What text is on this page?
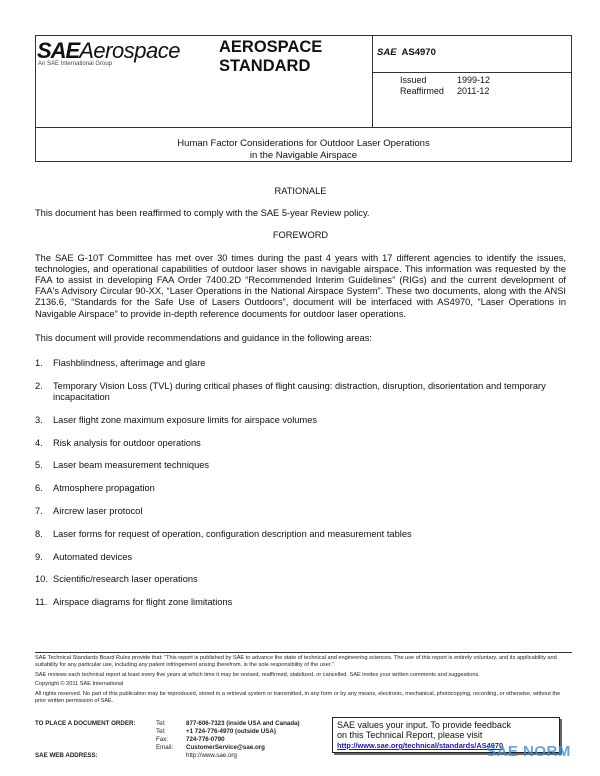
SAEAerospace
An SAE International Group
AEROSPACE
STANDARD
SAE AS4970
Issued	1999-12
Reaffirmed 2011-12
Human Factor Considerations for Outdoor Laser Operations
in the Navigable Airspace

RATIONALE

This document has been reaffirmed to comply with the SAE 5-year Review policy.

FOREWORD

The SAE G-10T Committee has met over 30 times during the past 4 years with 17 different agencies to identify the issues, technologies, and operational capabilities of outdoor laser shows in navigable airspace. This information was requested by the FAA to assist in developing FAA Order 7400.2D “Recommended Interim Guidelines” (RIGs) and the current development of FAA's Advisory Circular 90-XX, “Laser Operations in the National Airspace System”. These two documents, along with the ANSI Z136.6, “Standards for the Safe Use of Lasers Outdoors”, document will be interfaced with AS4970, “Laser Operations in Navigable Airspace” to provide in-depth reference documents for outdoor laser operations.

This document will provide recommendations and guidance in the following areas:

1.	Flashblindness, afterimage and glare
2.	Temporary Vision Loss (TVL) during critical phases of flight causing: distraction, disruption, disorientation and temporary incapacitation
3.	Laser flight zone maximum exposure limits for airspace volumes
4.	Risk analysis for outdoor operations
5.	Laser beam measurement techniques
6.	Atmosphere propagation
7.	Aircrew laser protocol
8.	Laser forms for request of operation, configuration description and measurement tables
9.	Automated devices
10. Scientific/research laser operations
11. Airspace diagrams for flight zone limitations

SAE Technical Standards Board Rules provide that: “This report is published by SAE to advance the state of technical and engineering sciences. The use of this report is entirely voluntary, and its applicability and suitability for any particular use, including any patent infringement arising therefrom, is the sole responsibility of the user.”

SAE reviews each technical report at least every five years at which time it may be revised, reaffirmed, stabilized, or cancelled. SAE invites your written comments and suggestions.

Copyright © 2011 SAE International

All rights reserved. No part of this publication may be reproduced, stored in a retrieval system or transmitted, in any form or by any means, electronic, mechanical, photocopying, recording, or otherwise, without the prior written permission of SAE.

TO PLACE A DOCUMENT ORDER:
SAE WEB ADDRESS:
Tel:	877-606-7323 (inside USA and Canada)
Tel:	+1 724-776-4970 (outside USA)
Fax:	724-776-0790
Email: CustomerService@sae.org
http://www.sae.org
SAE values your input. To provide feedback
on this Technical Report, please visit
http://www.sae.org/technical/standards/AS4970
SAE NORM
